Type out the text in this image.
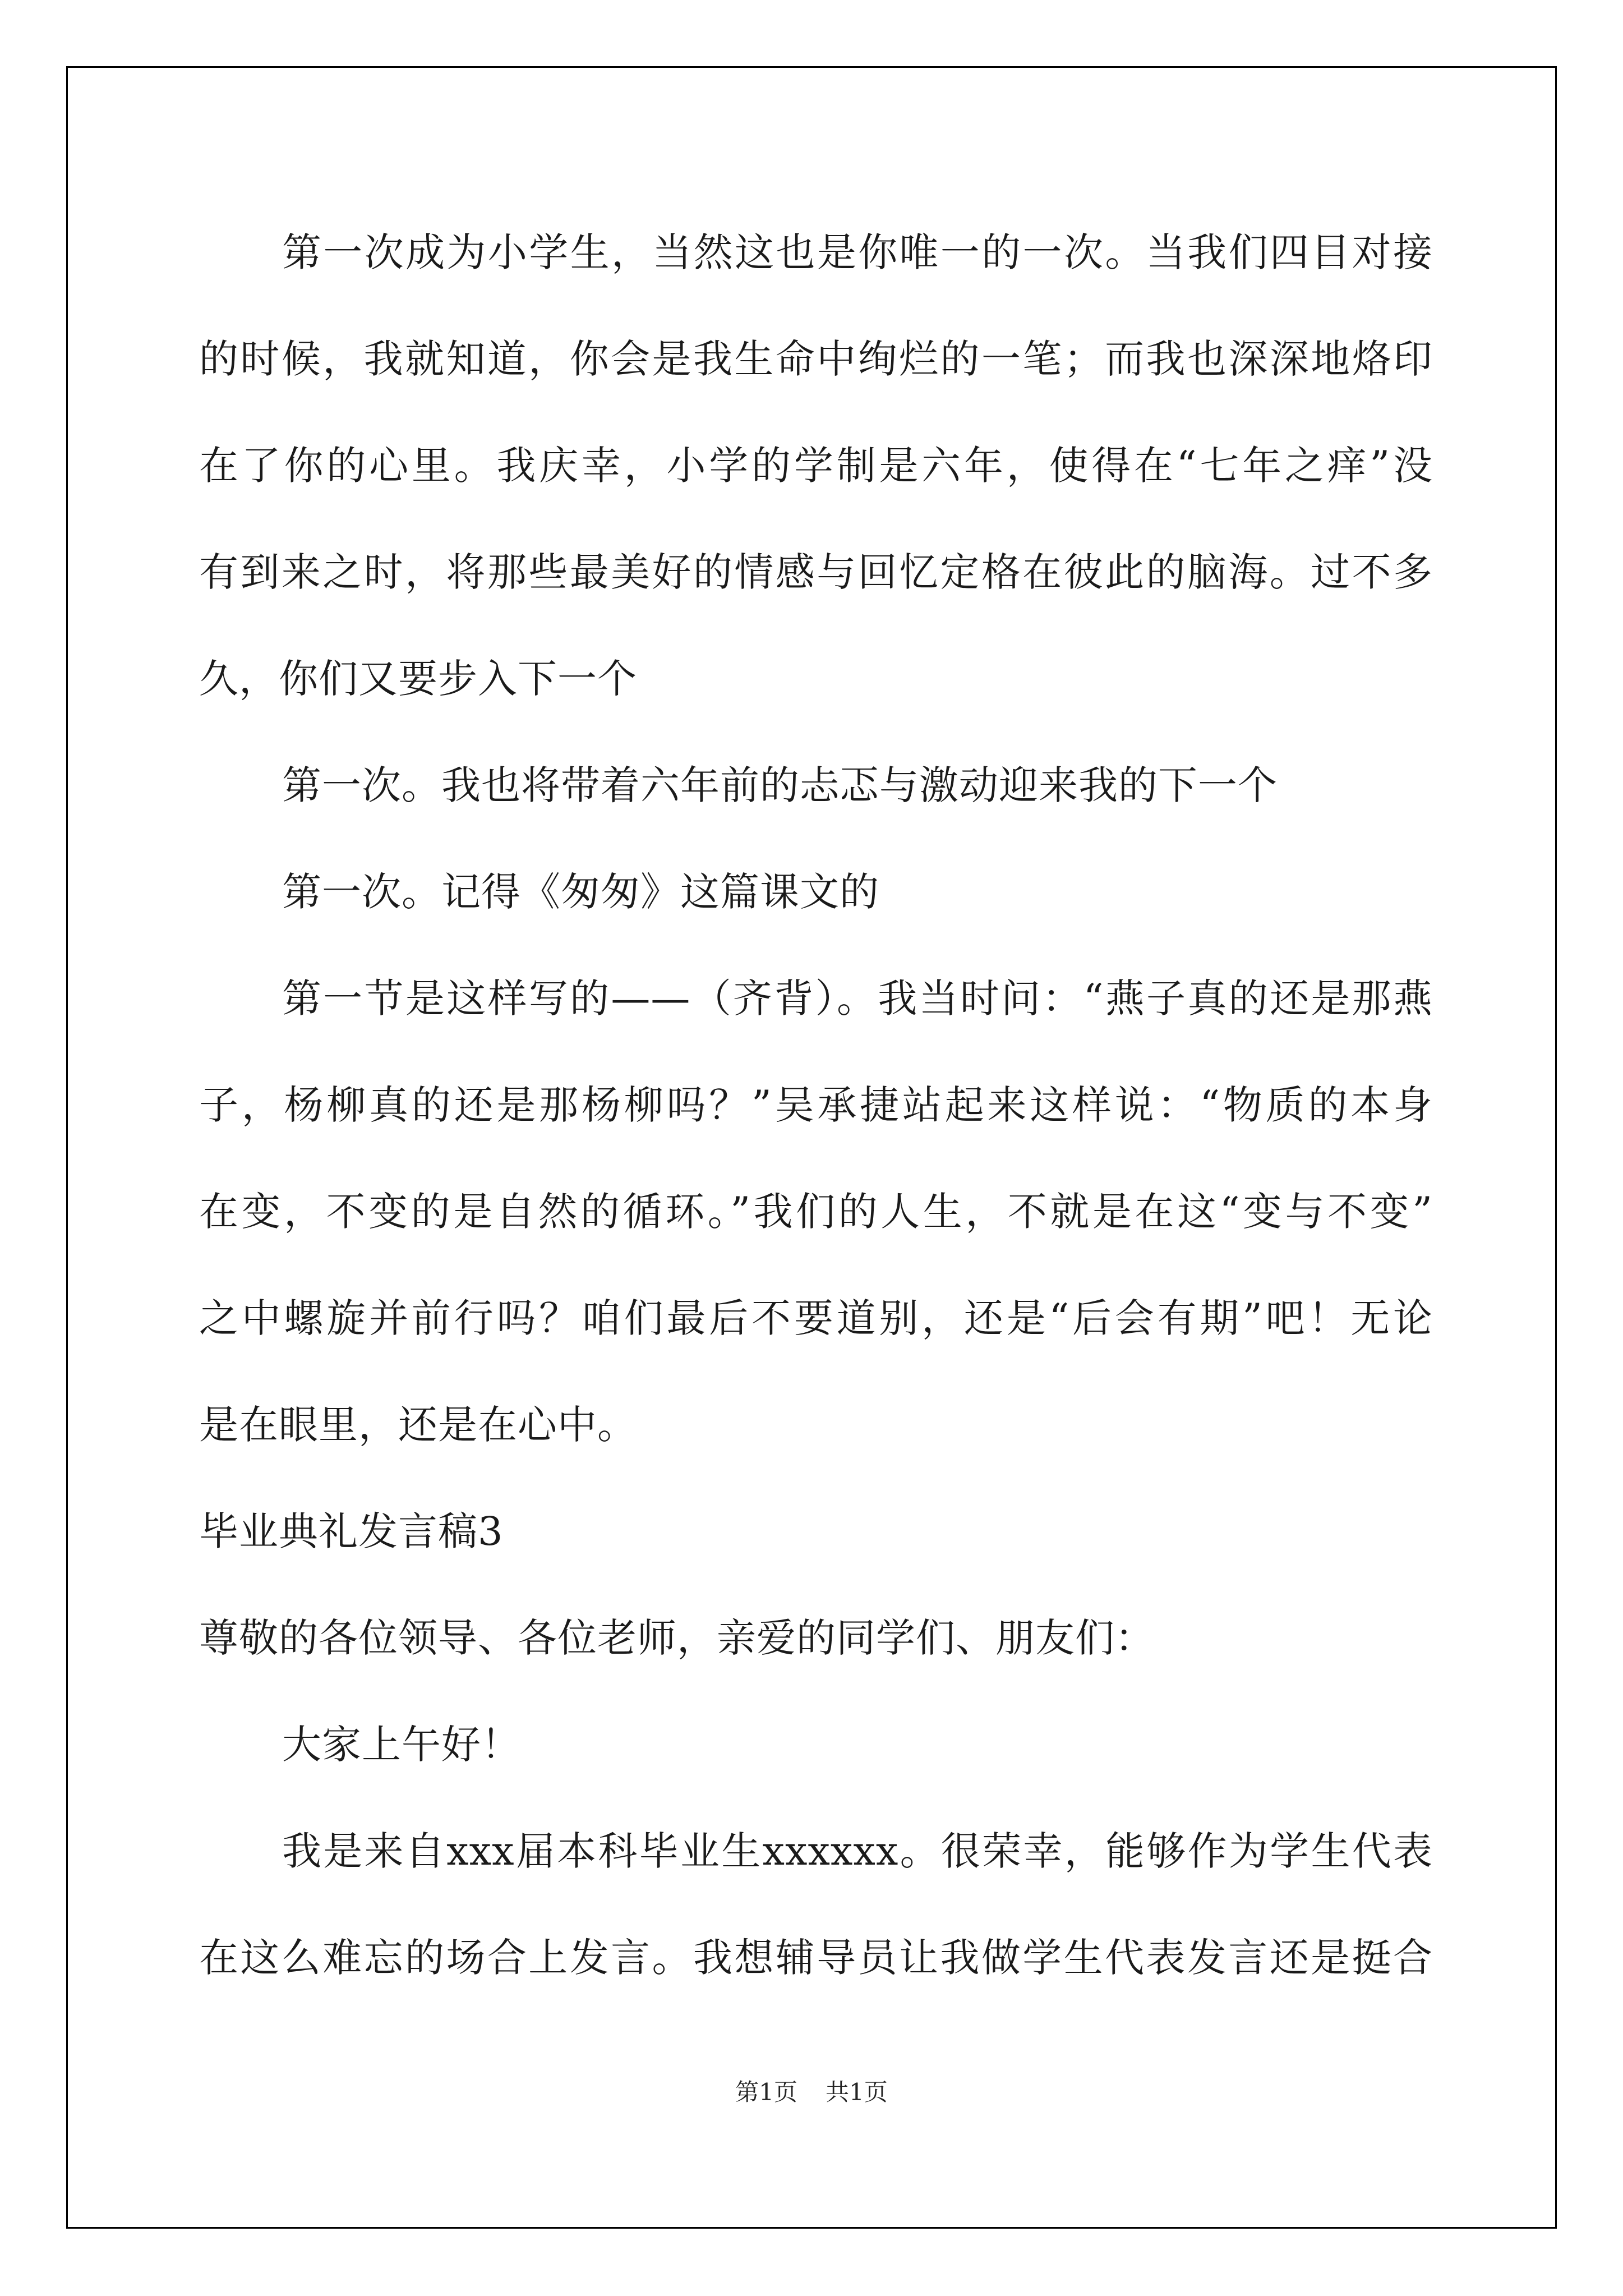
第一次成为小学生，当然这也是你唯一的一次。当我们四目对接
的时候，我就知道，你会是我生命中绚烂的一笔；而我也深深地烙印
在了你的心里。我庆幸，小学的学制是六年，使得在“七年之痒”没
有到来之时，将那些最美好的情感与回忆定格在彼此的脑海。过不多
久，你们又要步入下一个
第一次。我也将带着六年前的忐忑与激动迎来我的下一个
第一次。记得《匆匆》这篇课文的
第一节是这样写的——（齐背）。我当时问：“燕子真的还是那燕
子，杨柳真的还是那杨柳吗？”吴承捷站起来这样说：“物质的本身
在变，不变的是自然的循环。”我们的人生，不就是在这“变与不变”
之中螺旋并前行吗？咱们最后不要道别，还是“后会有期”吧！无论
是在眼里，还是在心中。
毕业典礼发言稿3
尊敬的各位领导、各位老师，亲爱的同学们、朋友们：
大家上午好！
我是来自xxx届本科毕业生xxxxxx。很荣幸，能够作为学生代表
在这么难忘的场合上发言。我想辅导员让我做学生代表发言还是挺合
第1页 共1页
